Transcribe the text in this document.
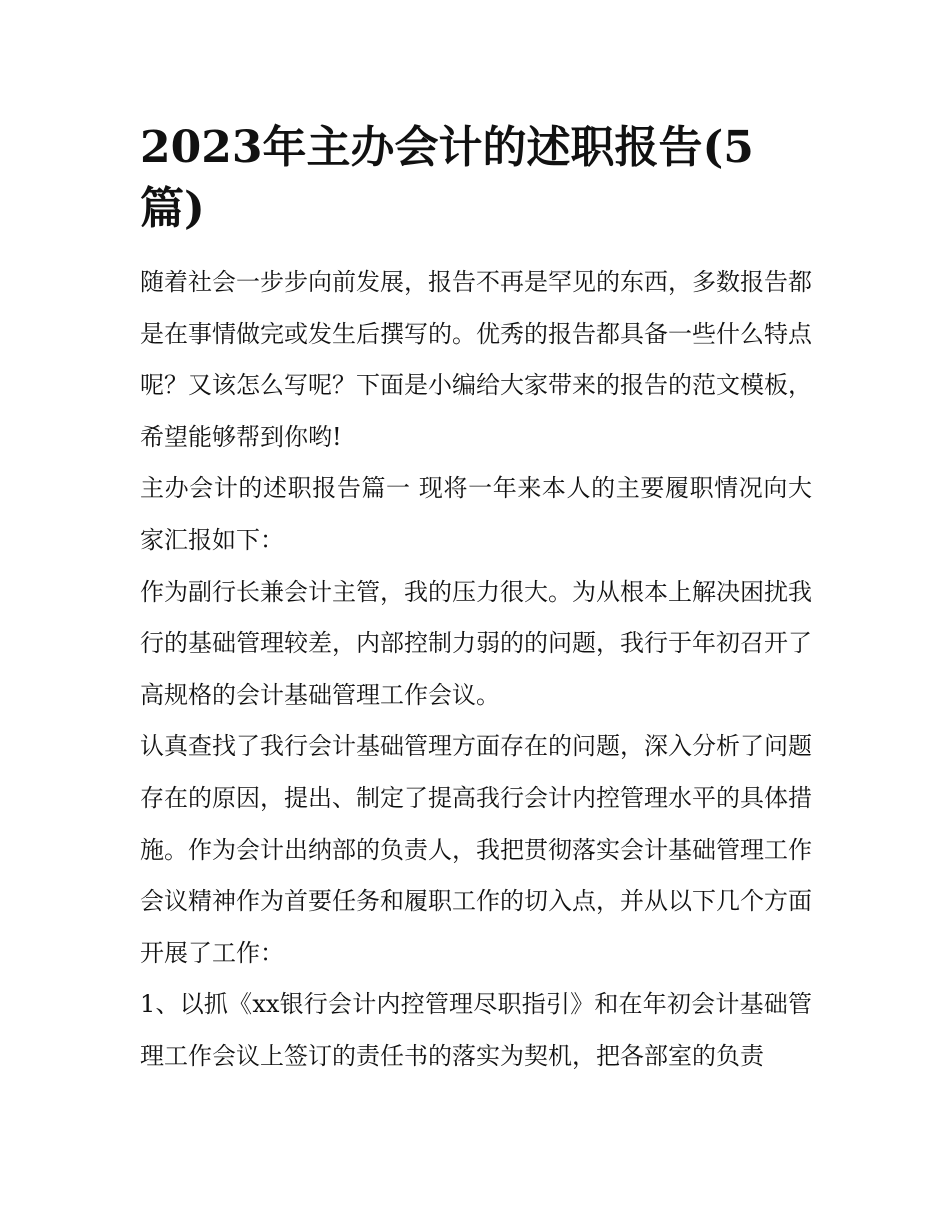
2023年主办会计的述职报告(5篇)

随着社会一步步向前发展，报告不再是罕见的东西，多数报告都是在事情做完或发生后撰写的。优秀的报告都具备一些什么特点呢？又该怎么写呢？下面是小编给大家带来的报告的范文模板，希望能够帮到你哟!

主办会计的述职报告篇一 现将一年来本人的主要履职情况向大家汇报如下：

作为副行长兼会计主管，我的压力很大。为从根本上解决困扰我行的基础管理较差，内部控制力弱的的问题，我行于年初召开了高规格的会计基础管理工作会议。

认真查找了我行会计基础管理方面存在的问题，深入分析了问题存在的原因，提出、制定了提高我行会计内控管理水平的具体措施。作为会计出纳部的负责人，我把贯彻落实会计基础管理工作会议精神作为首要任务和履职工作的切入点，并从以下几个方面开展了工作：

1、以抓《xx银行会计内控管理尽职指引》和在年初会计基础管理工作会议上签订的责任书的落实为契机，把各部室的负责
